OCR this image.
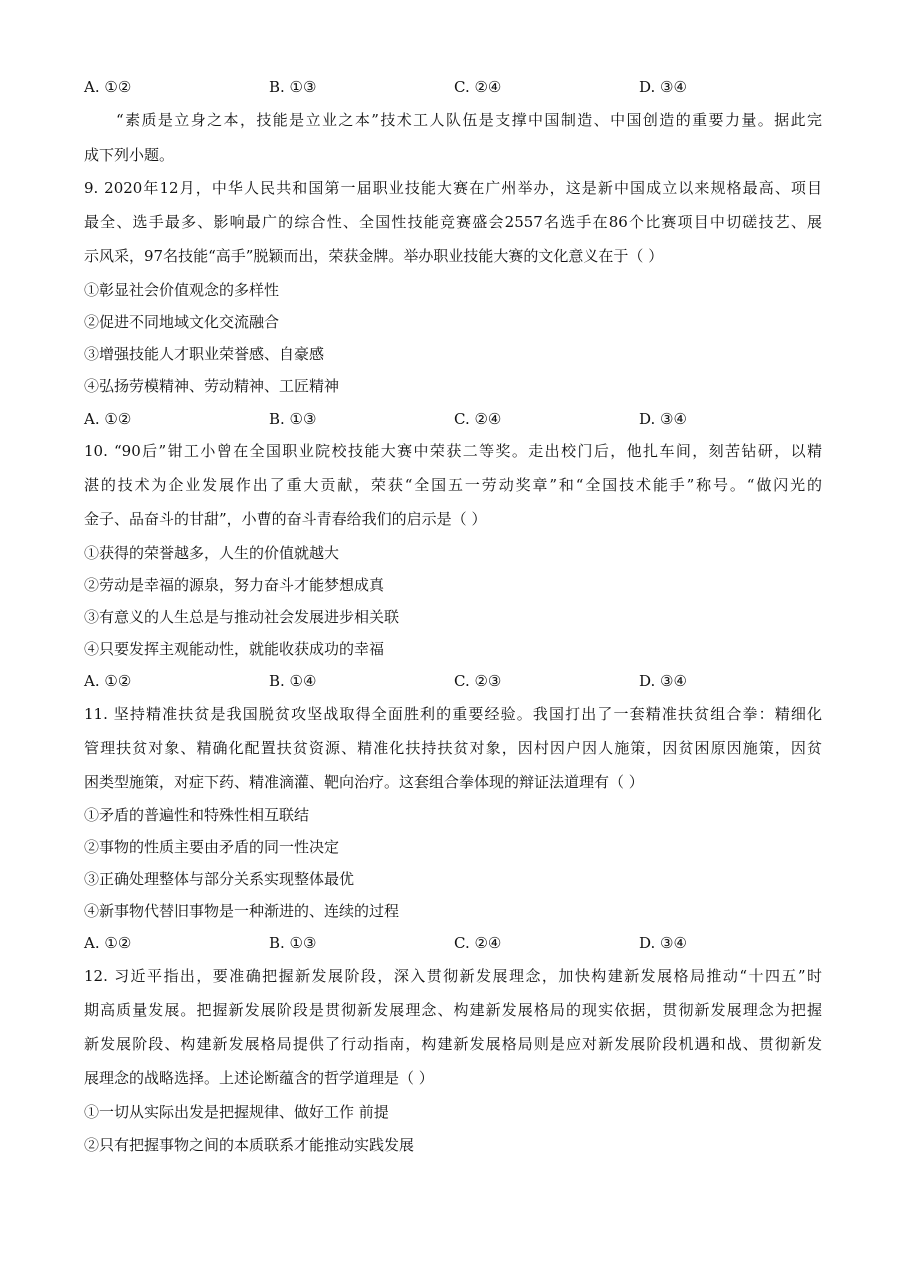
A. ①②	B. ①③	C. ②④	D. ③④
“素质是立身之本，技能是立业之本”技术工人队伍是支撑中国制造、中国创造的重要力量。据此完
成下列小题。
9. 2020年12月，中华人民共和国第一届职业技能大赛在广州举办，这是新中国成立以来规格最高、项目
最全、选手最多、影响最广的综合性、全国性技能竞赛盛会2557名选手在86个比赛项目中切磋技艺、展
示风采，97名技能“高手”脱颖而出，荣获金牌。举办职业技能大赛的文化意义在于（ ）
①彰显社会价值观念的多样性
②促进不同地域文化交流融合
③增强技能人才职业荣誉感、自豪感
④弘扬劳模精神、劳动精神、工匠精神
A. ①②	B. ①③	C. ②④	D. ③④
10. “90后”钳工小曾在全国职业院校技能大赛中荣获二等奖。走出校门后，他扎车间，刻苦钻研，以精
湛的技术为企业发展作出了重大贡献，荣获“全国五一劳动奖章”和“全国技术能手”称号。“做闪光的
金子、品奋斗的甘甜”，小曹的奋斗青春给我们的启示是（ ）
①获得的荣誉越多，人生的价值就越大
②劳动是幸福的源泉，努力奋斗才能梦想成真
③有意义的人生总是与推动社会发展进步相关联
④只要发挥主观能动性，就能收获成功的幸福
A. ①②	B. ①④	C. ②③	D. ③④
11. 坚持精准扶贫是我国脱贫攻坚战取得全面胜利的重要经验。我国打出了一套精准扶贫组合拳：精细化
管理扶贫对象、精确化配置扶贫资源、精准化扶持扶贫对象，因村因户因人施策，因贫困原因施策，因贫
困类型施策，对症下药、精准滴灌、靶向治疗。这套组合拳体现的辩证法道理有（ ）
①矛盾的普遍性和特殊性相互联结
②事物的性质主要由矛盾的同一性决定
③正确处理整体与部分关系实现整体最优
④新事物代替旧事物是一种渐进的、连续的过程
A. ①②	B. ①③	C. ②④	D. ③④
12. 习近平指出，要准确把握新发展阶段，深入贯彻新发展理念，加快构建新发展格局推动“十四五”时
期高质量发展。把握新发展阶段是贯彻新发展理念、构建新发展格局的现实依据，贯彻新发展理念为把握
新发展阶段、构建新发展格局提供了行动指南，构建新发展格局则是应对新发展阶段机遇和战、贯彻新发
展理念的战略选择。上述论断蕴含的哲学道理是（ ）
①一切从实际出发是把握规律、做好工作 前提
②只有把握事物之间的本质联系才能推动实践发展
